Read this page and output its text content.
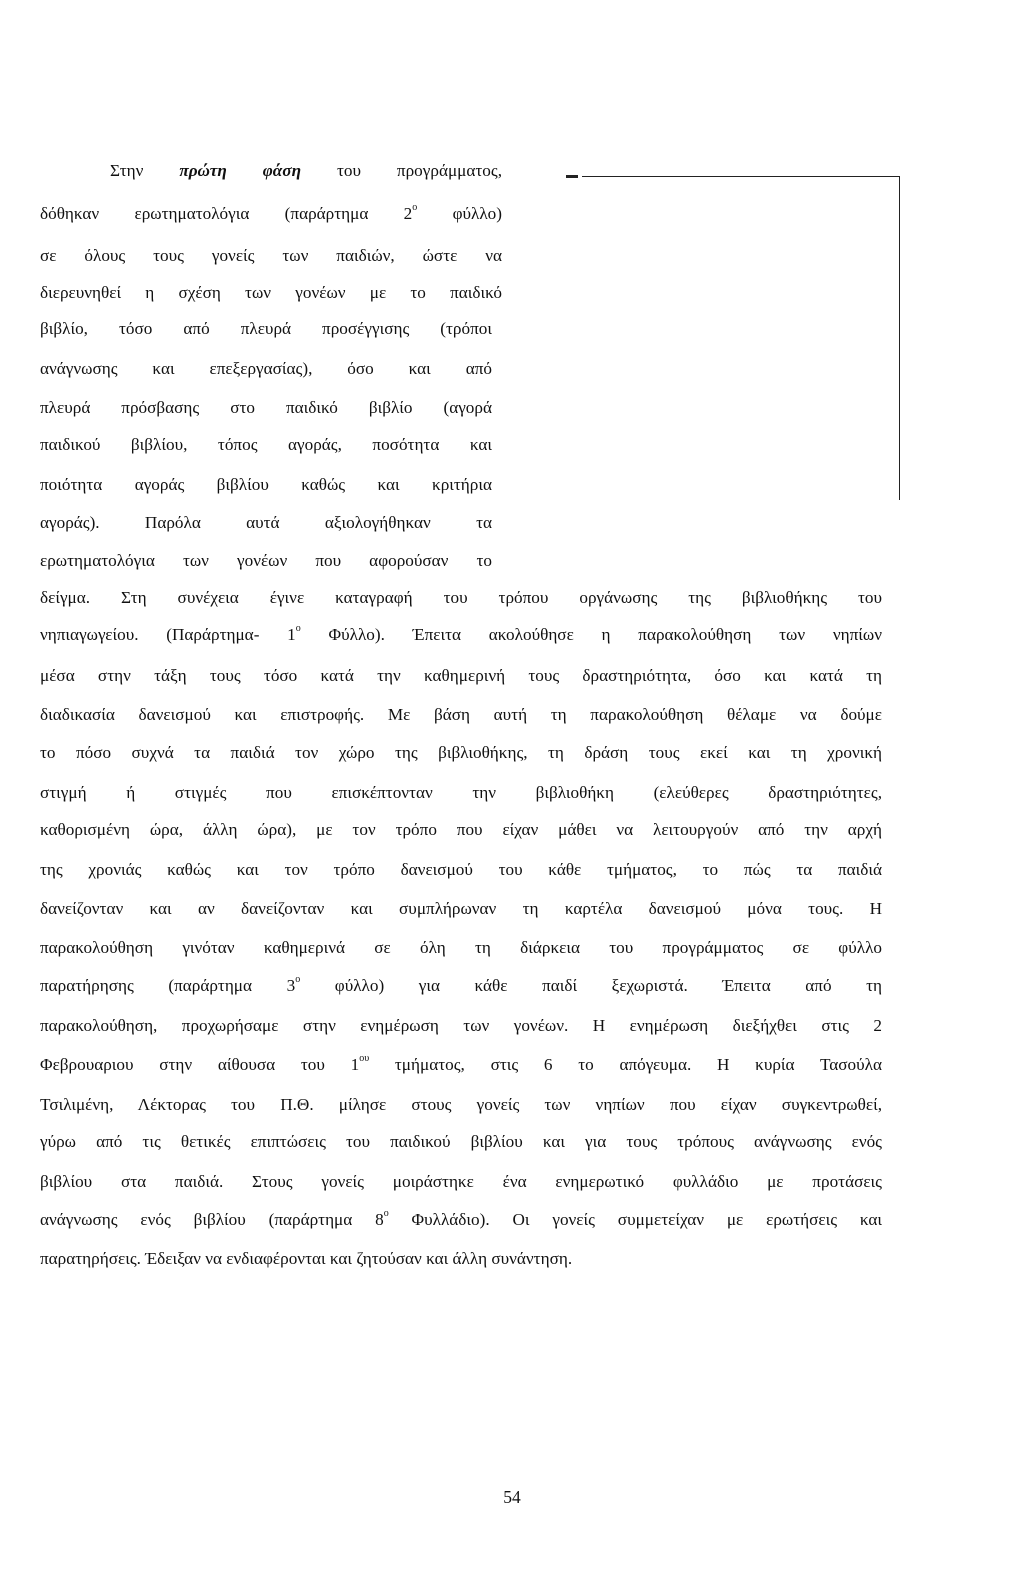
Στην πρώτη φάση του προγράμματος,
δόθηκαν ερωτηματολόγια (παράρτημα $2^o$ φύλλο)
σε όλους τους γονείς των παιδιών, ώστε να
διερευνηθεί η σχέση των γονέων με το παιδικό
βιβλίο, τόσο από πλευρά προσέγγισης (τρόποι
ανάγνωσης και επεξεργασίας), όσο και από
πλευρά πρόσβασης στο παιδικό βιβλίο (αγορά
παιδικού βιβλίου, τόπος αγοράς, ποσότητα και
ποιότητα αγοράς βιβλίου καθώς και κριτήρια
αγοράς). Παρόλα αυτά αξιολογήθηκαν τα
ερωτηματολόγια των γονέων που αφορούσαν το
δείγμα. Στη συνέχεια έγινε καταγραφή του τρόπου οργάνωσης της βιβλιοθήκης του
νηπιαγωγείου. (Παράρτημα- $1^o$ Φύλλο). Έπειτα ακολούθησε η παρακολούθηση των νηπίων
μέσα στην τάξη τους τόσο κατά την καθημερινή τους δραστηριότητα, όσο και κατά τη
διαδικασία δανεισμού και επιστροφής. Με βάση αυτή τη παρακολούθηση θέλαμε να δούμε
το πόσο συχνά τα παιδιά τον χώρο της βιβλιοθήκης, τη δράση τους εκεί και τη χρονική
στιγμή ή στιγμές που επισκέπτονταν την βιβλιοθήκη (ελεύθερες δραστηριότητες,
καθορισμένη ώρα, άλλη ώρα), με τον τρόπο που είχαν μάθει να λειτουργούν από την αρχή
της χρονιάς καθώς και τον τρόπο δανεισμού του κάθε τμήματος, το πώς τα παιδιά
δανείζονταν και αν δανείζονταν και συμπλήρωναν τη καρτέλα δανεισμού μόνα τους. Η
παρακολούθηση γινόταν καθημερινά σε όλη τη διάρκεια του προγράμματος σε φύλλο
παρατήρησης (παράρτημα $3^o$ φύλλο) για κάθε παιδί ξεχωριστά. Έπειτα από τη
παρακολούθηση, προχωρήσαμε στην ενημέρωση των γονέων. Η ενημέρωση διεξήχθει στις 2
Φεβρουαριου στην αίθουσα του $1^{o\upsilon}$ τμήματος, στις 6 το απόγευμα. Η κυρία Τασούλα
Τσιλιμένη, Λέκτορας του Π.Θ. μίλησε στους γονείς των νηπίων που είχαν συγκεντρωθεί,
γύρω από τις θετικές επιπτώσεις του παιδικού βιβλίου και για τους τρόπους ανάγνωσης ενός
βιβλίου στα παιδιά. Στους γονείς μοιράστηκε ένα ενημερωτικό φυλλάδιο με προτάσεις
ανάγνωσης ενός βιβλίου (παράρτημα $8^o$ Φυλλάδιο). Οι γονείς συμμετείχαν με ερωτήσεις και
παρατηρήσεις. Έδειξαν να ενδιαφέρονται και ζητούσαν και άλλη συνάντηση.
54
